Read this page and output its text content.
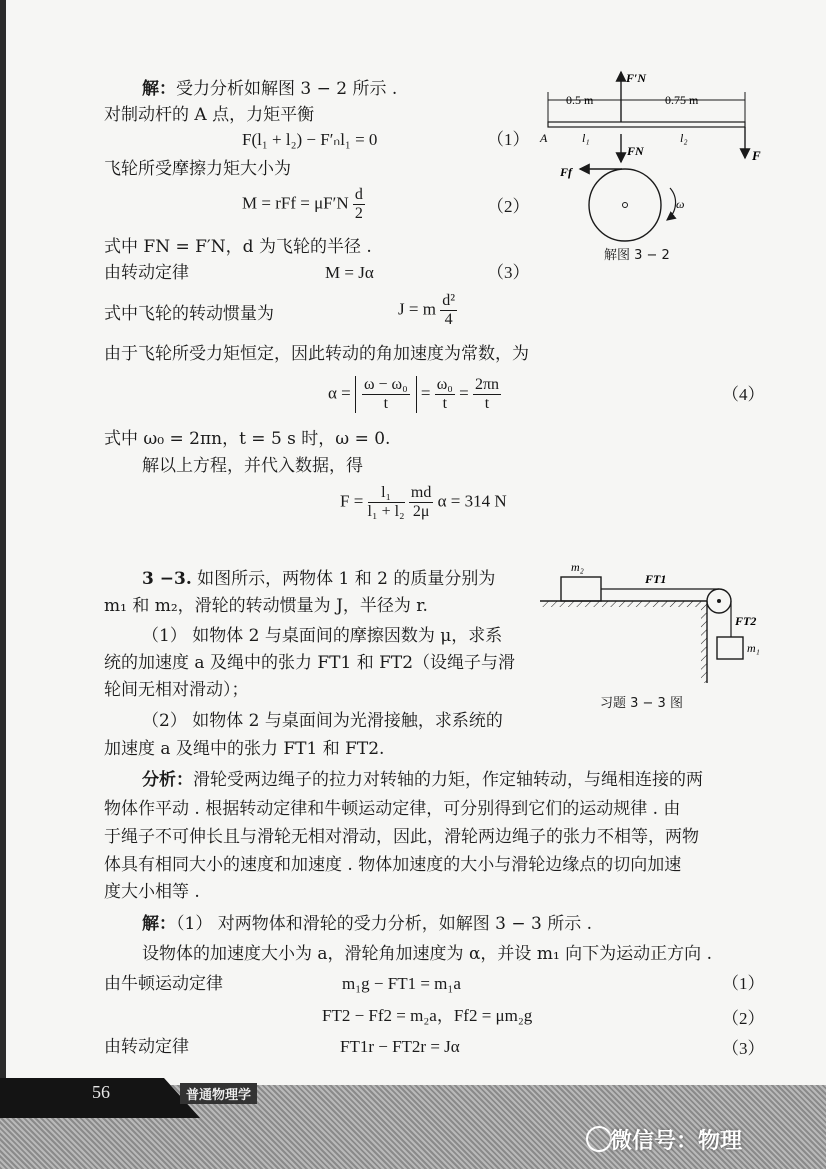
解：受力分析如解图 3 − 2 所示 .
对制动杆的 A 点，力矩平衡
F(l₁ + l₂) − F′ₙl₁ = 0	（1）
飞轮所受摩擦力矩大小为
M = rFf = $\mu F'N \frac{d}{2}$	（2）
式中 FN = F′N，d 为飞轮的半径 .
由转动定律	M = Jα	（3）
式中飞轮的转动惯量为	J = m $\frac{\text{d²}}{4}$
由于飞轮所受力矩恒定，因此转动的角加速度为常数，为
$\alpha = \frac{\text{ω − ω₀}}{t} = \frac{\text{ω₀}}{t} = \frac{2\pi n}{t}$	（4）
式中 ω₀ = 2πn，t = 5 s 时，ω = 0.
解以上方程，并代入数据，得
$F = \frac{\text{l₁}}{\text{l₁ + l₂}}$
$\frac{md}{2\mu}$ α = 314 N
0.5 m	0.75 m
A	l₁	l₂
F′N
F
FN
Ff
ω
解图 3 − 2
3 −3. 如图所示，两物体 1 和 2 的质量分别为
m₁ 和 m₂，滑轮的转动惯量为 J，半径为 r.
（1） 如物体 2 与桌面间的摩擦因数为 μ，求系
统的加速度 a 及绳中的张力 FT1 和 FT2（设绳子与滑
轮间无相对滑动）；
（2） 如物体 2 与桌面间为光滑接触，求系统的
加速度 a 及绳中的张力 FT1 和 FT2.
分析：滑轮受两边绳子的拉力对转轴的力矩，作定轴转动，与绳相连接的两
物体作平动 . 根据转动定律和牛顿运动定律，可分别得到它们的运动规律 . 由
于绳子不可伸长且与滑轮无相对滑动，因此，滑轮两边绳子的张力不相等，两物
体具有相同大小的速度和加速度 . 物体加速度的大小与滑轮边缘点的切向加速
度大小相等 .
解：（1） 对两物体和滑轮的受力分析，如解图 3 − 3 所示 .
设物体的加速度大小为 a，滑轮角加速度为 α，并设 m₁ 向下为运动正方向 .
由牛顿运动定律	m₁g − FT1 = m₁a	（1）
FT2 − Ff2 = m₂a，Ff2 = μm₂g	（2）
由转动定律	FT1r − FT2r = Jα	（3）
m₂
FT1
FT2
m₁
习题 3 − 3 图
56	普通物理学
微信号：物理
